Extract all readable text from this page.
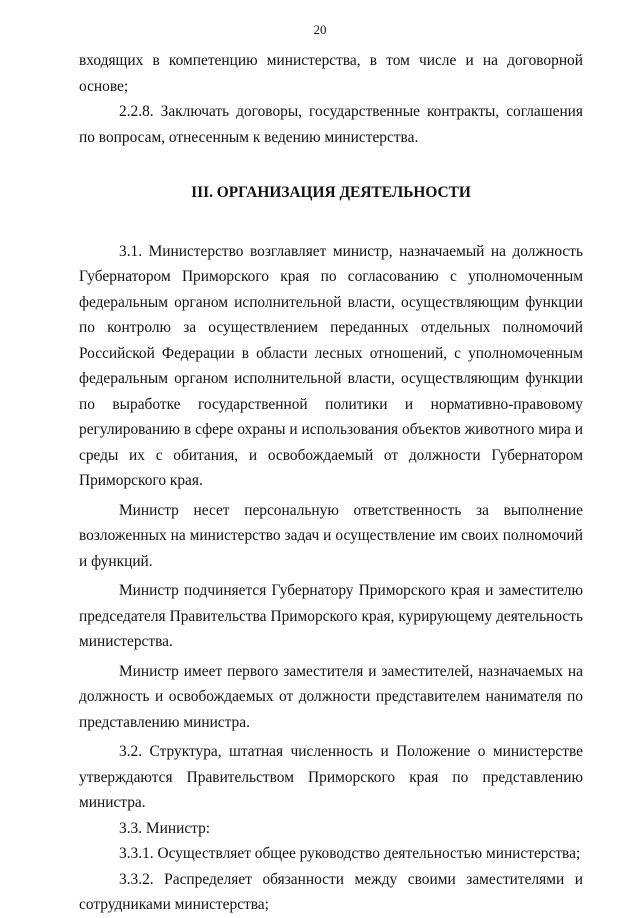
20

входящих в компетенцию министерства, в том числе и на договорной основе;

2.2.8. Заключать договоры, государственные контракты, соглашения по вопросам, отнесенным к ведению министерства.

III. ОРГАНИЗАЦИЯ ДЕЯТЕЛЬНОСТИ

3.1. Министерство возглавляет министр, назначаемый на должность Губернатором Приморского края по согласованию с уполномоченным федеральным органом исполнительной власти, осуществляющим функции по контролю за осуществлением переданных отдельных полномочий Российской Федерации в области лесных отношений, с уполномоченным федеральным органом исполнительной власти, осуществляющим функции по выработке государственной политики и нормативно-правовому регулированию в сфере охраны и использования объектов животного мира и среды их с обитания, и освобождаемый от должности Губернатором Приморского края.

Министр несет персональную ответственность за выполнение возложенных на министерство задач и осуществление им своих полномочий и функций.

Министр подчиняется Губернатору Приморского края и заместителю председателя Правительства Приморского края, курирующему деятельность министерства.

Министр имеет первого заместителя и заместителей, назначаемых на должность и освобождаемых от должности представителем нанимателя по представлению министра.

3.2. Структура, штатная численность и Положение о министерстве утверждаются Правительством Приморского края по представлению министра.

3.3. Министр:

3.3.1. Осуществляет общее руководство деятельностью министерства;

3.3.2. Распределяет обязанности между своими заместителями и сотрудниками министерства;
